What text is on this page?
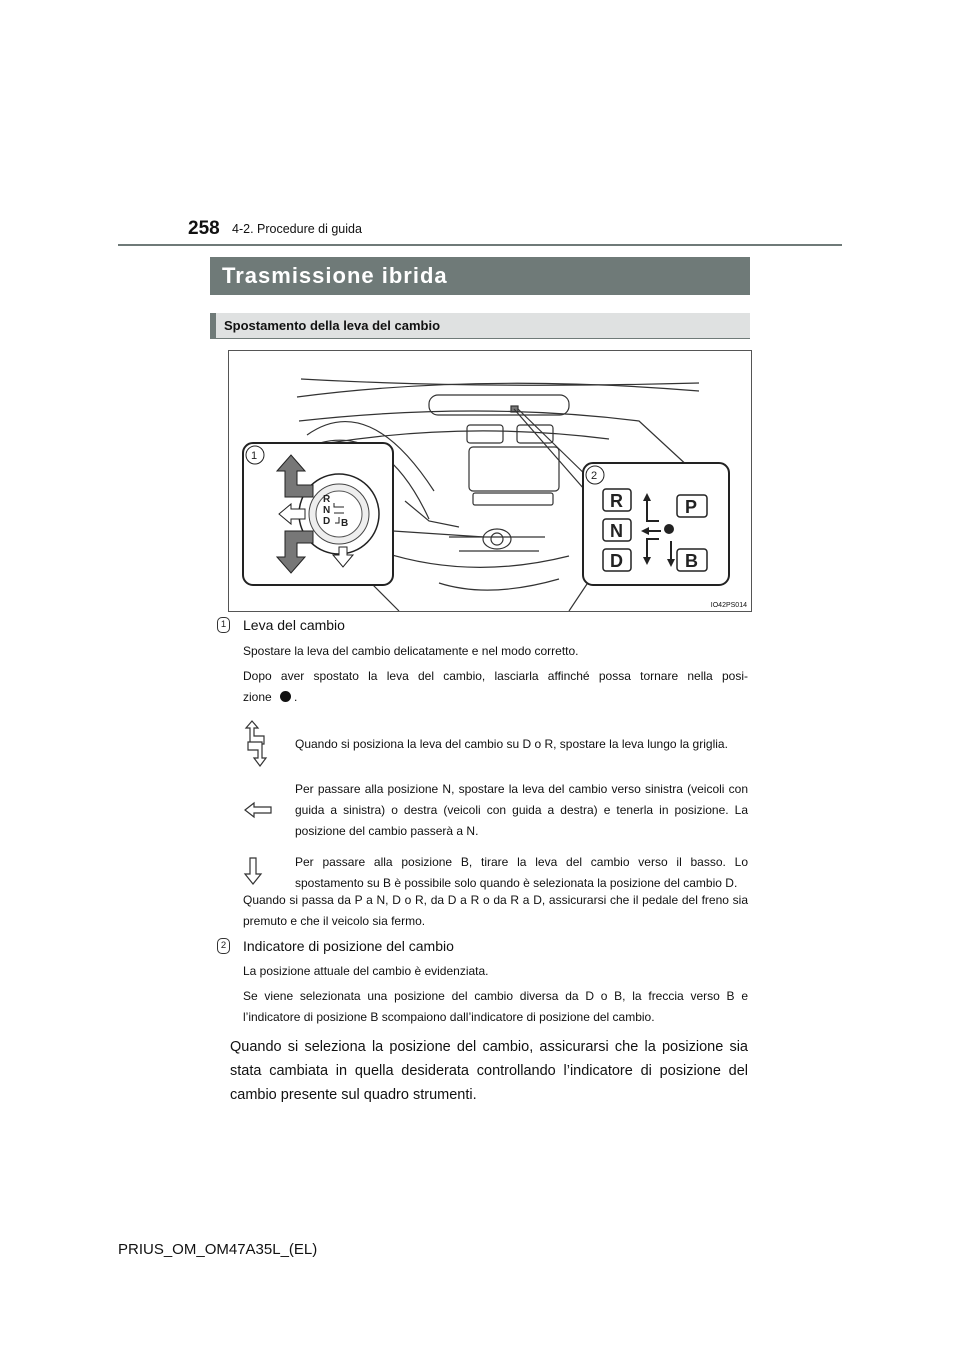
258 4-2. Procedure di guida
Trasmissione ibrida
Spostamento della leva del cambio
1
R
N
D B
2
R
N
D
P
B
IO42PS014
1 Leva del cambio
Spostare la leva del cambio delicatamente e nel modo corretto.
Dopo aver spostato la leva del cambio, lasciarla affinché possa tornare nella posi-
zione .
	Quando si posiziona la leva del cambio su D o R, spostare la leva lungo la griglia.
	Per passare alla posizione N, spostare la leva del cambio verso sinistra (veicoli con guida a sinistra) o destra (veicoli con guida a destra) e tenerla in posizione. La posizione del cambio passerà a N.
	Per passare alla posizione B, tirare la leva del cambio verso il basso. Lo spostamento su B è possibile solo quando è selezionata la posizione del cambio D.
Quando si passa da P a N, D o R, da D a R o da R a D, assicurarsi che il pedale del freno sia premuto e che il veicolo sia fermo.
2 Indicatore di posizione del cambio
La posizione attuale del cambio è evidenziata.
Se viene selezionata una posizione del cambio diversa da D o B, la freccia verso B e l’indicatore di posizione B scompaiono dall’indicatore di posizione del cambio.
Quando si seleziona la posizione del cambio, assicurarsi che la posizione sia stata cambiata in quella desiderata controllando l’indicatore di posizione del cambio presente sul quadro strumenti.
PRIUS_OM_OM47A35L_(EL)
